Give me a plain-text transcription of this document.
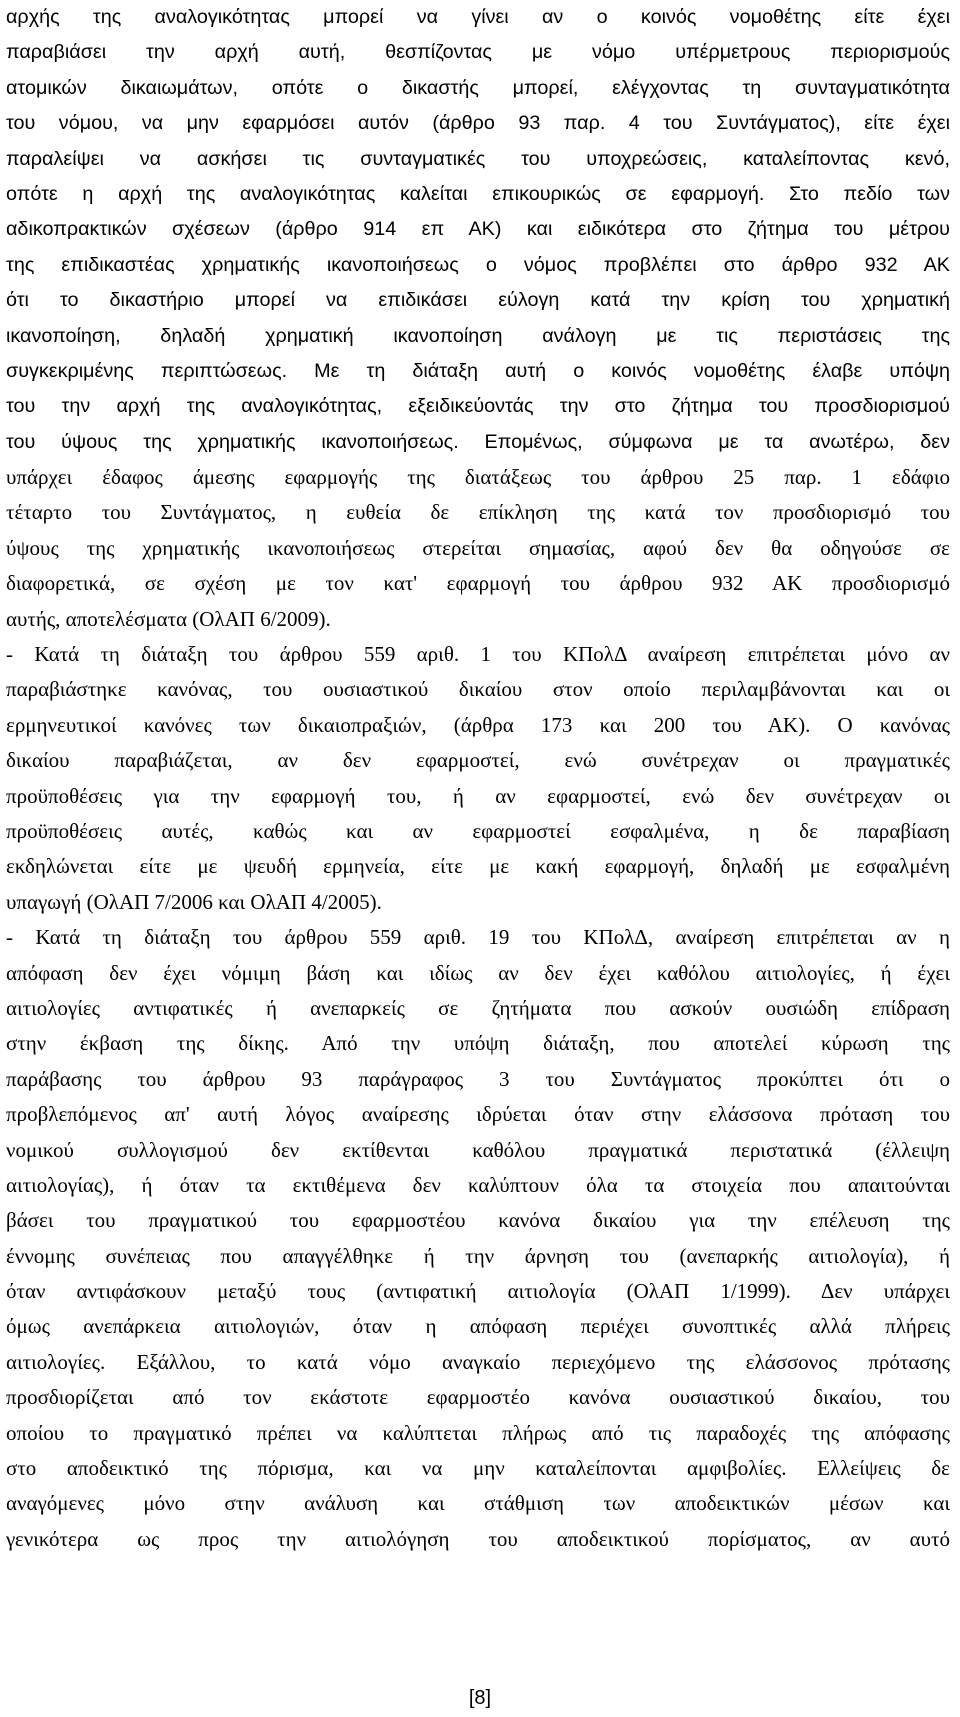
αρχής της αναλογικότητας μπορεί να γίνει αν ο κοινός νομοθέτης είτε έχει
παραβιάσει την αρχή αυτή, θεσπίζοντας με νόμο υπέρμετρους περιορισμούς
ατομικών δικαιωμάτων, οπότε ο δικαστής μπορεί, ελέγχοντας τη συνταγματικότητα
του νόμου, να μην εφαρμόσει αυτόν (άρθρο 93 παρ. 4 του Συντάγματος), είτε έχει
παραλείψει να ασκήσει τις συνταγματικές του υποχρεώσεις, καταλείποντας κενό,
οπότε η αρχή της αναλογικότητας καλείται επικουρικώς σε εφαρμογή. Στο πεδίο των
αδικοπρακτικών σχέσεων (άρθρο 914 επ ΑΚ) και ειδικότερα στο ζήτημα του μέτρου
της επιδικαστέας χρηματικής ικανοποιήσεως ο νόμος προβλέπει στο άρθρο 932 ΑΚ
ότι το δικαστήριο μπορεί να επιδικάσει εύλογη κατά την κρίση του χρηματική
ικανοποίηση, δηλαδή χρηματική ικανοποίηση ανάλογη με τις περιστάσεις της
συγκεκριμένης περιπτώσεως. Με τη διάταξη αυτή ο κοινός νομοθέτης έλαβε υπόψη
του την αρχή της αναλογικότητας, εξειδικεύοντάς την στο ζήτημα του προσδιορισμού
του ύψους της χρηματικής ικανοποιήσεως. Επομένως, σύμφωνα με τα ανωτέρω, δεν
υπάρχει έδαφος άμεσης εφαρμογής της διατάξεως του άρθρου 25 παρ. 1 εδάφιο
τέταρτο του Συντάγματος, η ευθεία δε επίκληση της κατά τον προσδιορισμό του
ύψους της χρηματικής ικανοποιήσεως στερείται σημασίας, αφού δεν θα οδηγούσε σε
διαφορετικά, σε σχέση με τον κατ' εφαρμογή του άρθρου 932 ΑΚ προσδιορισμό
αυτής, αποτελέσματα (ΟλΑΠ 6/2009).
- Κατά τη διάταξη του άρθρου 559 αριθ. 1 του ΚΠολΔ αναίρεση επιτρέπεται μόνο αν
παραβιάστηκε κανόνας, του ουσιαστικού δικαίου στον οποίο περιλαμβάνονται και οι
ερμηνευτικοί κανόνες των δικαιοπραξιών, (άρθρα 173 και 200 του ΑΚ). Ο κανόνας
δικαίου παραβιάζεται, αν δεν εφαρμοστεί, ενώ συνέτρεχαν οι πραγματικές
προϋποθέσεις για την εφαρμογή του, ή αν εφαρμοστεί, ενώ δεν συνέτρεχαν οι
προϋποθέσεις αυτές, καθώς και αν εφαρμοστεί εσφαλμένα, η δε παραβίαση
εκδηλώνεται είτε με ψευδή ερμηνεία, είτε με κακή εφαρμογή, δηλαδή με εσφαλμένη
υπαγωγή (ΟλΑΠ 7/2006 και ΟλΑΠ 4/2005).
- Κατά τη διάταξη του άρθρου 559 αριθ. 19 του ΚΠολΔ, αναίρεση επιτρέπεται αν η
απόφαση δεν έχει νόμιμη βάση και ιδίως αν δεν έχει καθόλου αιτιολογίες, ή έχει
αιτιολογίες αντιφατικές ή ανεπαρκείς σε ζητήματα που ασκούν ουσιώδη επίδραση
στην έκβαση της δίκης. Από την υπόψη διάταξη, που αποτελεί κύρωση της
παράβασης του άρθρου 93 παράγραφος 3 του Συντάγματος προκύπτει ότι ο
προβλεπόμενος απ' αυτή λόγος αναίρεσης ιδρύεται όταν στην ελάσσονα πρόταση του
νομικού συλλογισμού δεν εκτίθενται καθόλου πραγματικά περιστατικά (έλλειψη
αιτιολογίας), ή όταν τα εκτιθέμενα δεν καλύπτουν όλα τα στοιχεία που απαιτούνται
βάσει του πραγματικού του εφαρμοστέου κανόνα δικαίου για την επέλευση της
έννομης συνέπειας που απαγγέλθηκε ή την άρνηση του (ανεπαρκής αιτιολογία), ή
όταν αντιφάσκουν μεταξύ τους (αντιφατική αιτιολογία (ΟλΑΠ 1/1999). Δεν υπάρχει
όμως ανεπάρκεια αιτιολογιών, όταν η απόφαση περιέχει συνοπτικές αλλά πλήρεις
αιτιολογίες. Εξάλλου, το κατά νόμο αναγκαίο περιεχόμενο της ελάσσονος πρότασης
προσδιορίζεται από τον εκάστοτε εφαρμοστέο κανόνα ουσιαστικού δικαίου, του
οποίου το πραγματικό πρέπει να καλύπτεται πλήρως από τις παραδοχές της απόφασης
στο αποδεικτικό της πόρισμα, και να μην καταλείπονται αμφιβολίες. Ελλείψεις δε
αναγόμενες μόνο στην ανάλυση και στάθμιση των αποδεικτικών μέσων και
γενικότερα ως προς την αιτιολόγηση του αποδεικτικού πορίσματος, αν αυτό
[8]
